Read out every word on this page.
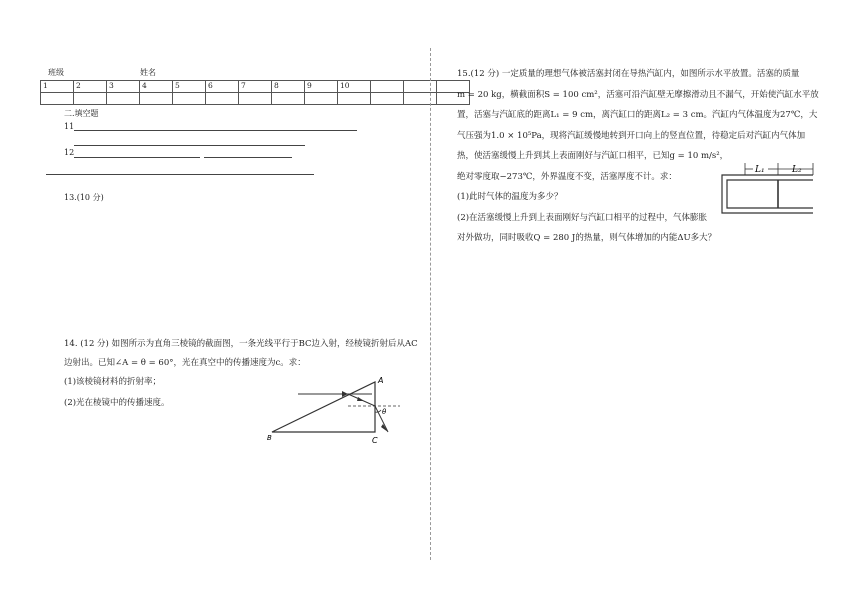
班级	姓名
1	2	3	4	5	6	7	8	9	10			

二.填空题
11
12
13.(10 分)
14. (12 分) 如图所示为直角三棱镜的截面图，一条光线平行于BC边入射，经棱镜折射后从AC
边射出。已知∠A = θ = 60°，光在真空中的传播速度为c。求：
(1)该棱镜材料的折射率；
(2)光在棱镜中的传播速度。
A
B	C
θ
15.(12 分) 一定质量的理想气体被活塞封闭在导热汽缸内，如图所示水平放置。活塞的质量
m = 20 kg，横截面积S = 100 cm²，活塞可沿汽缸壁无摩擦滑动且不漏气，开始使汽缸水平放
置，活塞与汽缸底的距离L₁ = 9 cm，离汽缸口的距离L₂ = 3 cm。汽缸内气体温度为27℃，大
气压强为1.0 × 10⁵Pa，现将汽缸缓慢地转到开口向上的竖直位置，待稳定后对汽缸内气体加
热，使活塞缓慢上升到其上表面刚好与汽缸口相平，已知g = 10 m/s²，
绝对零度取−273℃，外界温度不变，活塞厚度不计。求：
(1)此时气体的温度为多少？
(2)在活塞缓慢上升到上表面刚好与汽缸口相平的过程中，气体膨胀
对外做功，同时吸收Q = 280 J的热量，则气体增加的内能ΔU多大？
L₁	L₂
